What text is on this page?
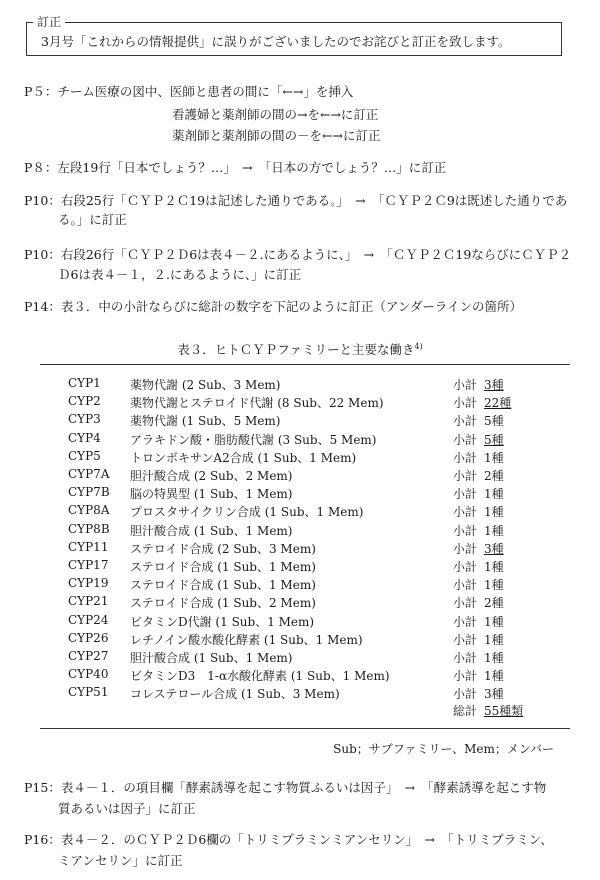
訂正
3月号「これからの情報提供」に誤りがございましたのでお詫びと訂正を致します。
P５：チーム医療の図中、医師と患者の間に「←→」を挿入
看護婦と薬剤師の間の→を←→に訂正
薬剤師と薬剤師の間の－を←→に訂正
P８：左段19行「日本でしょう？…」　→　「日本の方でしょう？…」に訂正
P10：右段25行「ＣＹＰ２Ｃ19は記述した通りである。」　→　「ＣＹＰ２Ｃ9は既述した通りであ
る。」に訂正
P10：右段26行「ＣＹＰ２Ｄ6は表４－２.にあるように、」　→　「ＣＹＰ２Ｃ19ならびにＣＹＰ２
Ｄ6は表４－１，２.にあるように、」に訂正
P14：表３．中の小計ならびに総計の数字を下記のように訂正（アンダーラインの箇所）
表３．ヒトＣＹＰファミリーと主要な働き$^{4)}$
CYP1 薬物代謝 (2 Sub、3 Mem)	小計 3種
CYP2 薬物代謝とステロイド代謝 (8 Sub、22 Mem)	小計 22種
CYP3 薬物代謝 (1 Sub、5 Mem)	小計 5種
CYP4 アラキドン酸・脂肪酸代謝 (3 Sub、5 Mem)	小計 5種
CYP5 トロンボキサンA2合成 (1 Sub、1 Mem)	小計 1種
CYP7A 胆汁酸合成 (2 Sub、2 Mem)	小計 2種
CYP7B 脳の特異型 (1 Sub、1 Mem)	小計 1種
CYP8A プロスタサイクリン合成 (1 Sub、1 Mem)	小計 1種
CYP8B 胆汁酸合成 (1 Sub、1 Mem)	小計 1種
CYP11 ステロイド合成 (2 Sub、3 Mem)	小計 3種
CYP17 ステロイド合成 (1 Sub、1 Mem)	小計 1種
CYP19 ステロイド合成 (1 Sub、1 Mem)	小計 1種
CYP21 ステロイド合成 (1 Sub、2 Mem)	小計 2種
CYP24 ビタミンD代謝 (1 Sub、1 Mem)	小計 1種
CYP26 レチノイン酸水酸化酵素 (1 Sub、1 Mem)	小計 1種
CYP27 胆汁酸合成 (1 Sub、1 Mem)	小計 1種
CYP40 ビタミンD3　1-α水酸化酵素 (1 Sub、1 Mem)	小計 1種
CYP51 コレステロール合成 (1 Sub、3 Mem)	小計 3種
総計 55種類
Sub；サブファミリー、Mem；メンバー
P15：表４－１．の項目欄「酵素誘導を起こす物質ふるいは因子」　→　「酵素誘導を起こす物
質あるいは因子」に訂正
P16：表４－２．のＣＹＰ２Ｄ6欄の「トリミプラミンミアンセリン」　→　「トリミプラミン、
ミアンセリン」に訂正
